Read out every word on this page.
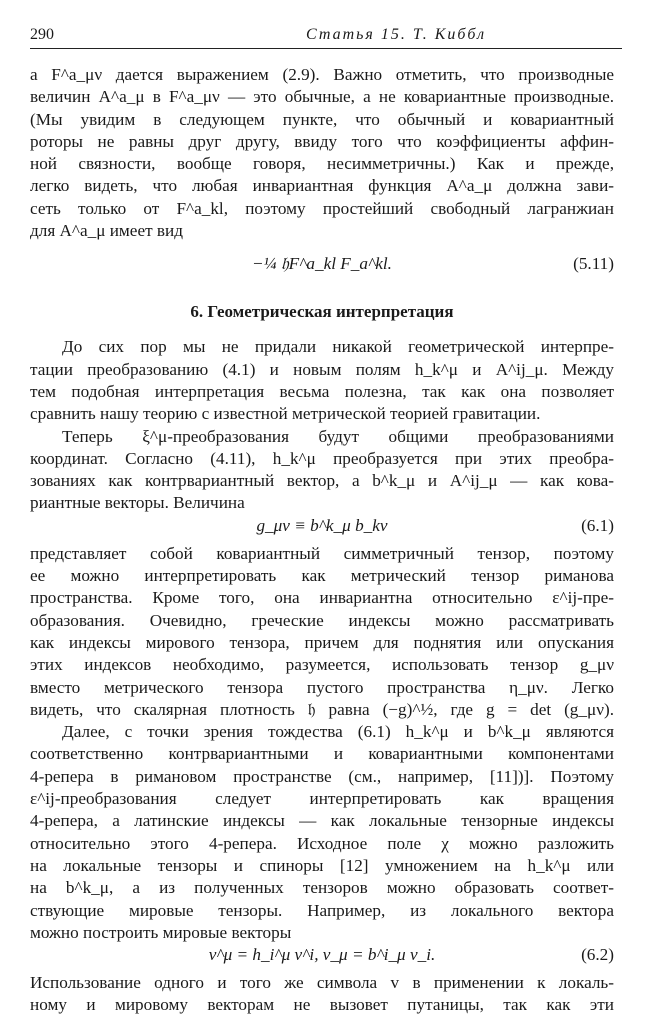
290	Статья 15. Т. Киббл
а F^a_μν дается выражением (2.9). Важно отметить, что производные
величин A^a_μ в F^a_μν — это обычные, а не ковариантные производные.
(Мы увидим в следующем пункте, что обычный и ковариантный
роторы не равны друг другу, ввиду того что коэффициенты аффин-
ной связности, вообще говоря, несимметричны.) Как и прежде,
легко видеть, что любая инвариантная функция A^a_μ должна зави-
сеть только от F^a_kl, поэтому простейший свободный лагранжиан
для A^a_μ имеет вид
−¼ 𝔥F^a_kl F_a^kl.	(5.11)
6. Геометрическая интерпретация
До сих пор мы не придали никакой геометрической интерпре-
тации преобразованию (4.1) и новым полям h_k^μ и A^ij_μ. Между
тем подобная интерпретация весьма полезна, так как она позволяет
сравнить нашу теорию с известной метрической теорией гравитации.
Теперь ξ^μ-преобразования будут общими преобразованиями
координат. Согласно (4.11), h_k^μ преобразуется при этих преобра-
зованиях как контрвариантный вектор, а b^k_μ и A^ij_μ — как кова-
риантные векторы. Величина
g_μν ≡ b^k_μ b_kν	(6.1)
представляет собой ковариантный симметричный тензор, поэтому
ее можно интерпретировать как метрический тензор риманова
пространства. Кроме того, она инвариантна относительно ε^ij-пре-
образования. Очевидно, греческие индексы можно рассматривать
как индексы мирового тензора, причем для поднятия или опускания
этих индексов необходимо, разумеется, использовать тензор g_μν
вместо метрического тензора пустого пространства η_μν. Легко
видеть, что скалярная плотность 𝔥 равна (−g)^½, где g = det (g_μν).
Далее, с точки зрения тождества (6.1) h_k^μ и b^k_μ являются
соответственно контрвариантными и ковариантными компонентами
4-репера в римановом пространстве (см., например, [11])]. Поэтому
ε^ij-преобразования следует интерпретировать как вращения
4-репера, а латинские индексы — как локальные тензорные индексы
относительно этого 4-репера. Исходное поле χ можно разложить
на локальные тензоры и спиноры [12] умножением на h_k^μ или
на b^k_μ, а из полученных тензоров можно образовать соответ-
ствующие мировые тензоры. Например, из локального вектора
можно построить мировые векторы
v^μ = h_i^μ v^i, v_μ = b^i_μ v_i.	(6.2)
Использование одного и того же символа v в применении к локаль-
ному и мировому векторам не вызовет путаницы, так как эти
